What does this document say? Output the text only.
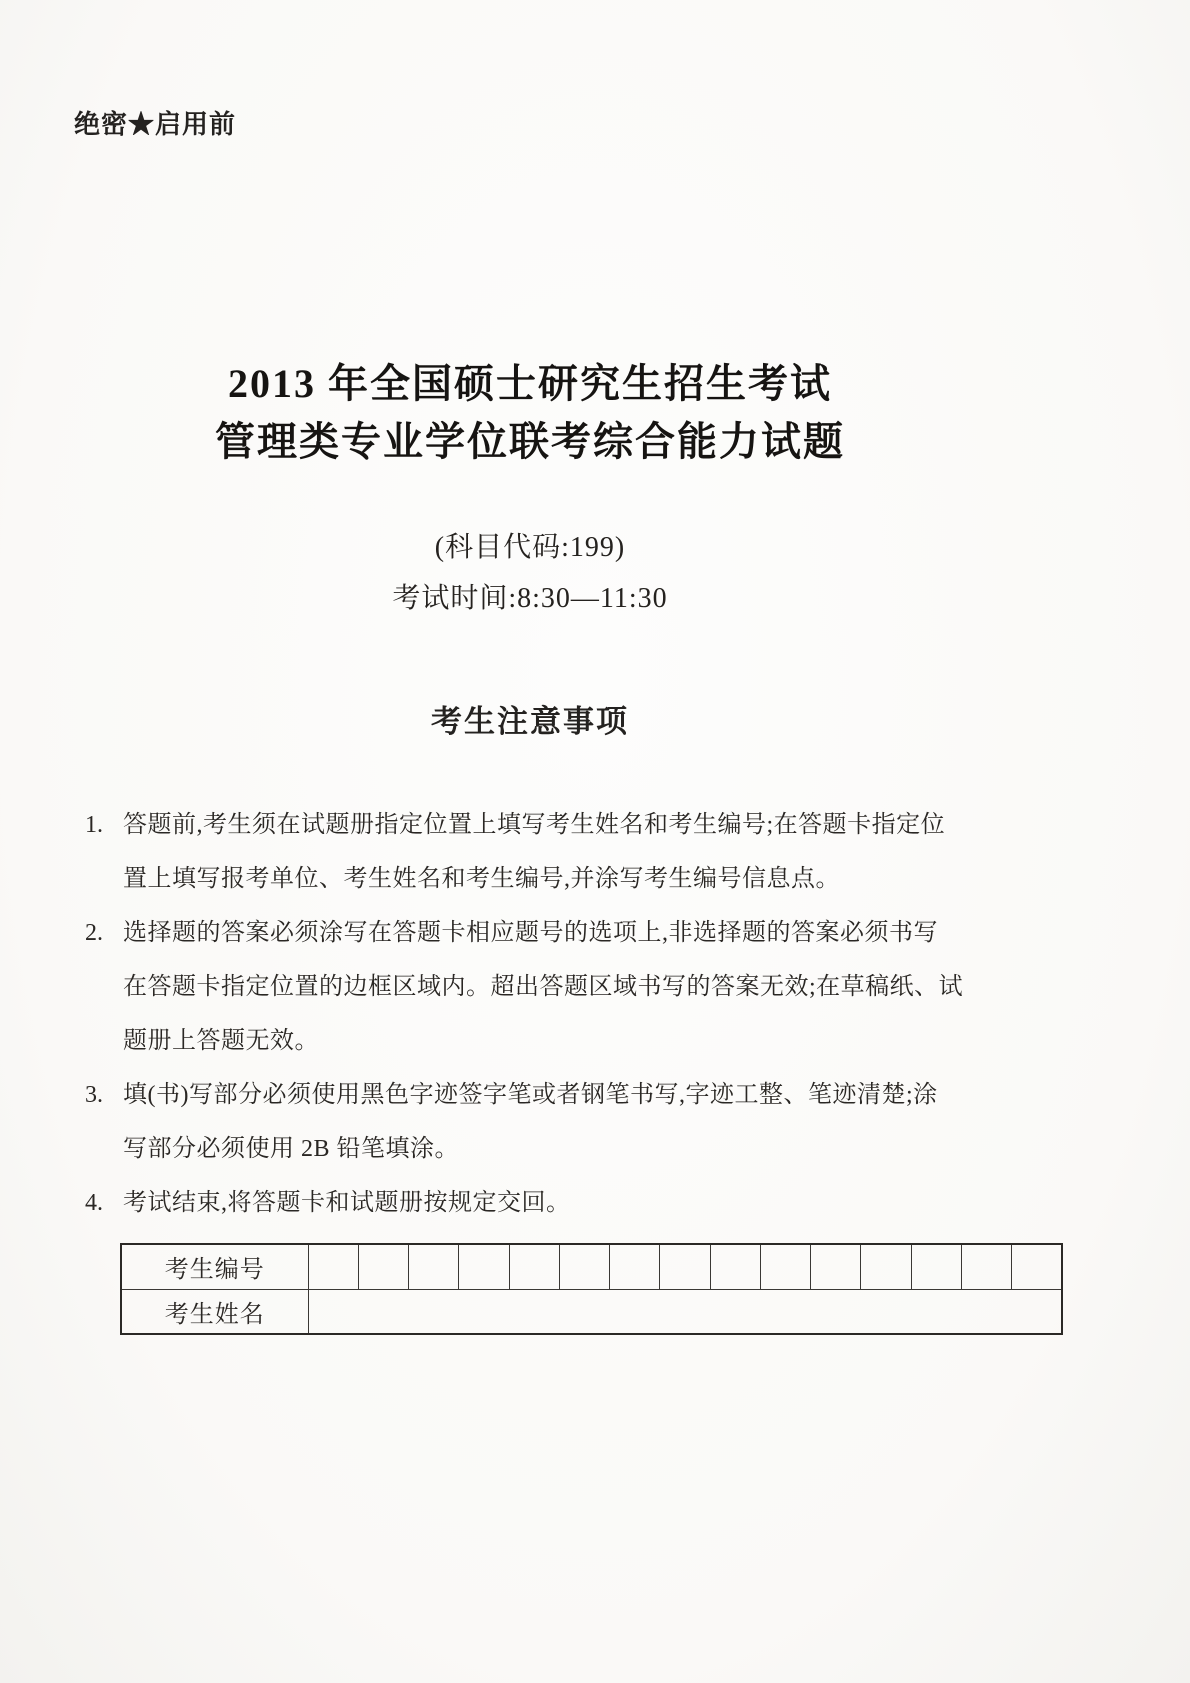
绝密★启用前
2013 年全国硕士研究生招生考试
管理类专业学位联考综合能力试题
(科目代码:199)
考试时间:8:30—11:30
考生注意事项
1. 答题前,考生须在试题册指定位置上填写考生姓名和考生编号;在答题卡指定位
置上填写报考单位、考生姓名和考生编号,并涂写考生编号信息点。
2. 选择题的答案必须涂写在答题卡相应题号的选项上,非选择题的答案必须书写
在答题卡指定位置的边框区域内。超出答题区域书写的答案无效;在草稿纸、试
题册上答题无效。
3. 填(书)写部分必须使用黑色字迹签字笔或者钢笔书写,字迹工整、笔迹清楚;涂
写部分必须使用 2B 铅笔填涂。
4. 考试结束,将答题卡和试题册按规定交回。
考生编号															
考生姓名															
